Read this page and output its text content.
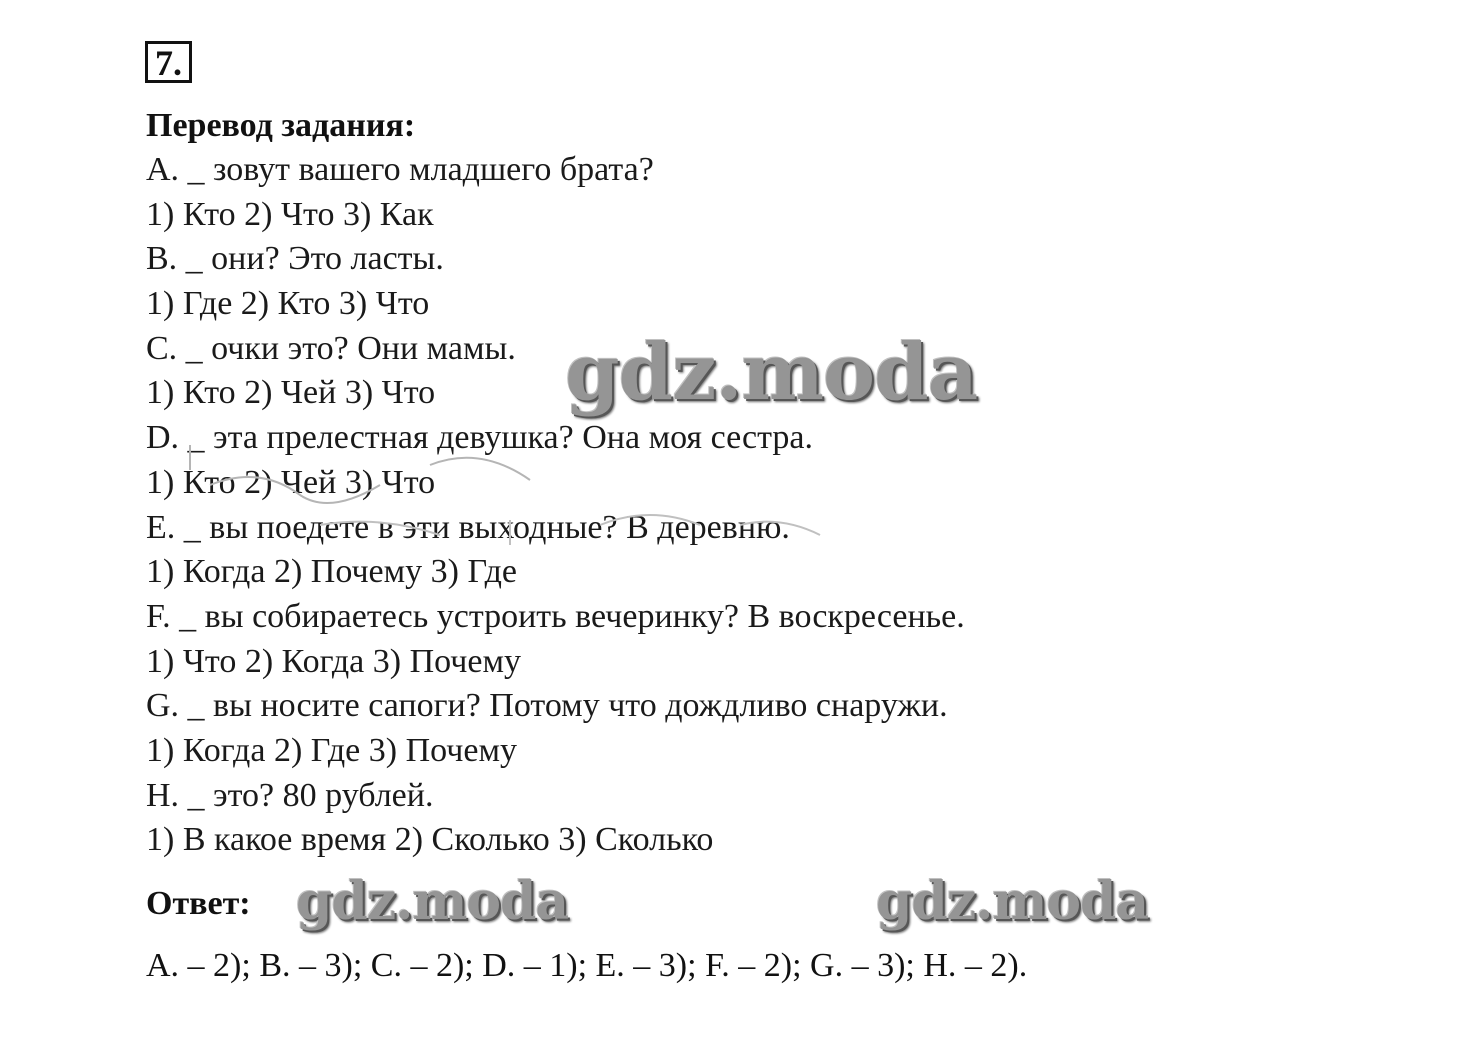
7.
Перевод задания:
A. _ зовут вашего младшего брата?
1) Кто 2) Что 3) Как
B. _ они? Это ласты.
1) Где 2) Кто 3) Что
C. _ очки это? Они мамы.
1) Кто 2) Чей 3) Что
D. _ эта прелестная девушка? Она моя сестра.
1) Кто 2) Чей 3) Что
E. _ вы поедете в эти выходные? В деревню.
1) Когда 2) Почему 3) Где
F. _ вы собираетесь устроить вечеринку? В воскресенье.
1) Что 2) Когда 3) Почему
G. _ вы носите сапоги? Потому что дождливо снаружи.
1) Когда 2) Где 3) Почему
H. _ это? 80 рублей.
1) В какое время 2) Сколько 3) Сколько
gdz.moda
Ответ: gdz.moda	gdz.moda
A. – 2); B. – 3); C. – 2); D. – 1); E. – 3); F. – 2); G. – 3); H. – 2).
